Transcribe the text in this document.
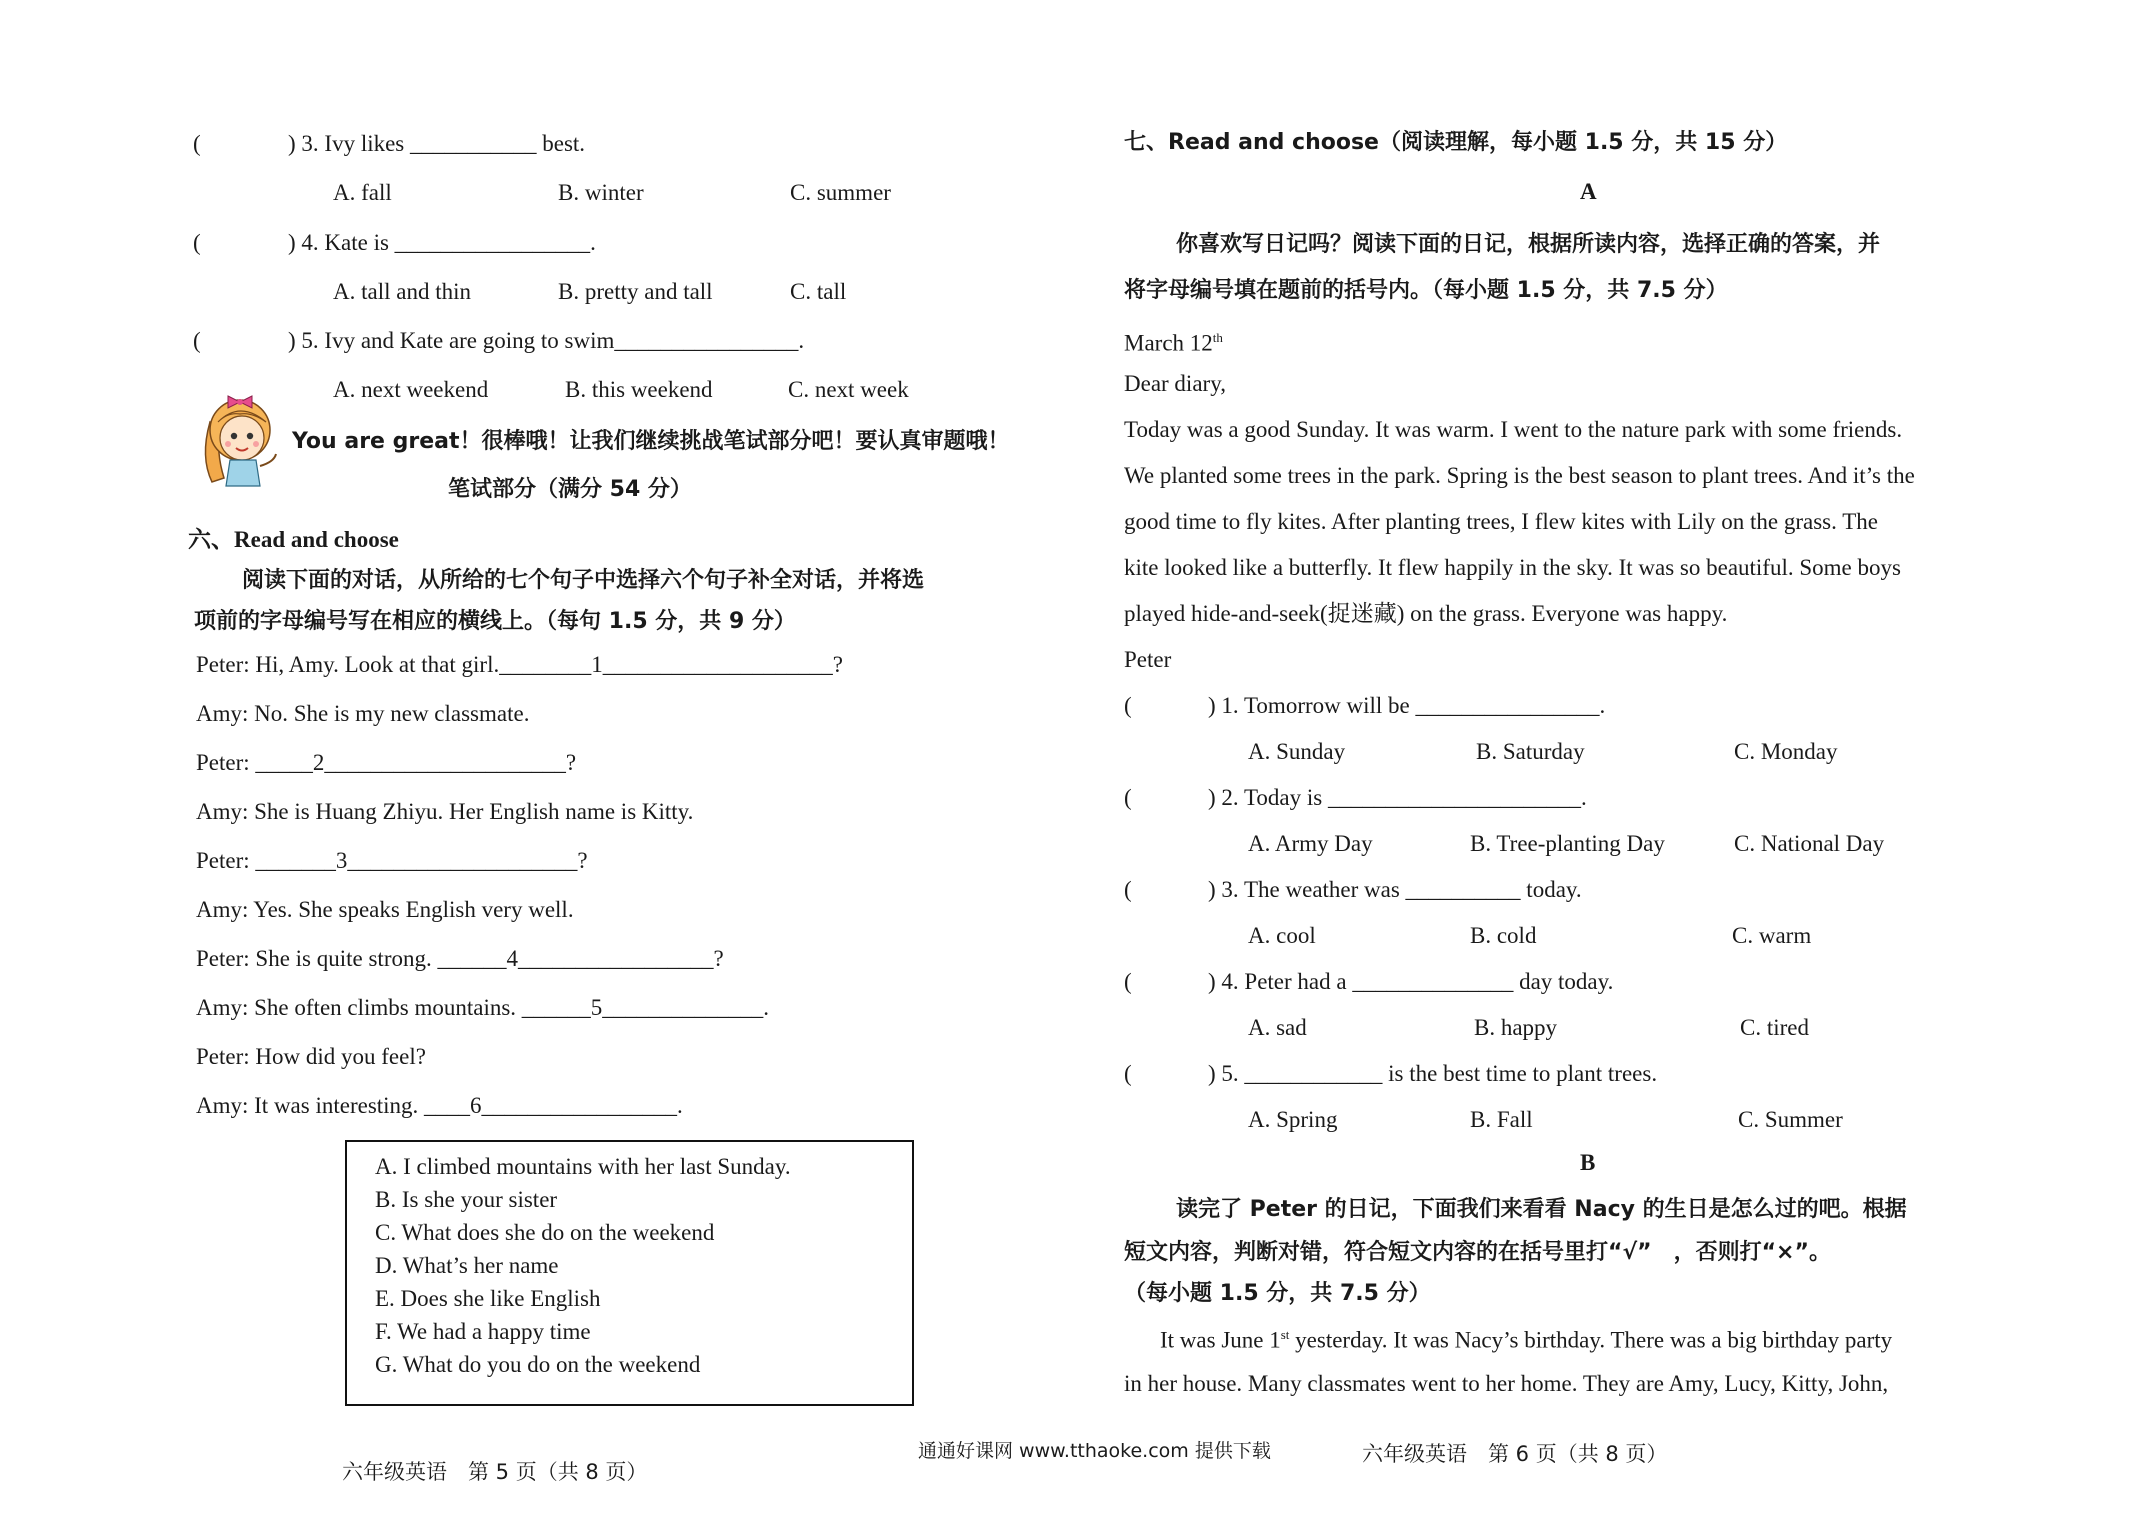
(	) 3. Ivy likes ___________ best.
A. fall	B. winter	C. summer
(	) 4. Kate is _________________.
A. tall and thin	B. pretty and tall	C. tall
(	) 5. Ivy and Kate are going to swim________________.
A. next weekend	B. this weekend	C. next week
You are great！很棒哦！让我们继续挑战笔试部分吧！要认真审题哦！
笔试部分（满分 54 分）
六、Read and choose
阅读下面的对话，从所给的七个句子中选择六个句子补全对话，并将选
项前的字母编号写在相应的横线上。（每句 1.5 分，共 9 分）
Peter: Hi, Amy. Look at that girl.________1____________________?
Amy: No. She is my new classmate.
Peter: _____2_____________________?
Amy: She is Huang Zhiyu. Her English name is Kitty.
Peter: _______3____________________?
Amy: Yes. She speaks English very well.
Peter: She is quite strong. ______4_________________?
Amy: She often climbs mountains. ______5______________.
Peter: How did you feel?
Amy: It was interesting. ____6_________________.
A. I climbed mountains with her last Sunday.
B. Is she your sister
C. What does she do on the weekend
D. What’s her name
E. Does she like English
F. We had a happy time
G. What do you do on the weekend
六年级英语　第 5 页（共 8 页）
通通好课网 www.tthaoke.com 提供下载
七、Read and choose（阅读理解，每小题 1.5 分，共 15 分）
A
你喜欢写日记吗？阅读下面的日记，根据所读内容，选择正确的答案，并
将字母编号填在题前的括号内。（每小题 1.5 分，共 7.5 分）
March 12th
Dear diary,
Today was a good Sunday. It was warm. I went to the nature park with some friends.
We planted some trees in the park. Spring is the best season to plant trees. And it’s the
good time to fly kites. After planting trees, I flew kites with Lily on the grass. The
kite looked like a butterfly. It flew happily in the sky. It was so beautiful. Some boys
played hide-and-seek(捉迷藏) on the grass. Everyone was happy.
Peter
(	) 1. Tomorrow will be ________________.
A. Sunday	B. Saturday	C. Monday
(	) 2. Today is ______________________.
A. Army Day	B. Tree-planting Day	C. National Day
(	) 3. The weather was __________ today.
A. cool	B. cold	C. warm
(	) 4. Peter had a ______________ day today.
A. sad	B. happy	C. tired
(	) 5. ____________ is the best time to plant trees.
A. Spring	B. Fall	C. Summer
B
读完了 Peter 的日记，下面我们来看看 Nacy 的生日是怎么过的吧。根据
短文内容，判断对错，符合短文内容的在括号里打“√”　，否则打“×”。
（每小题 1.5 分，共 7.5 分）
It was June 1st yesterday. It was Nacy’s birthday. There was a big birthday party
in her house. Many classmates went to her home. They are Amy, Lucy, Kitty, John,
六年级英语　第 6 页（共 8 页）
